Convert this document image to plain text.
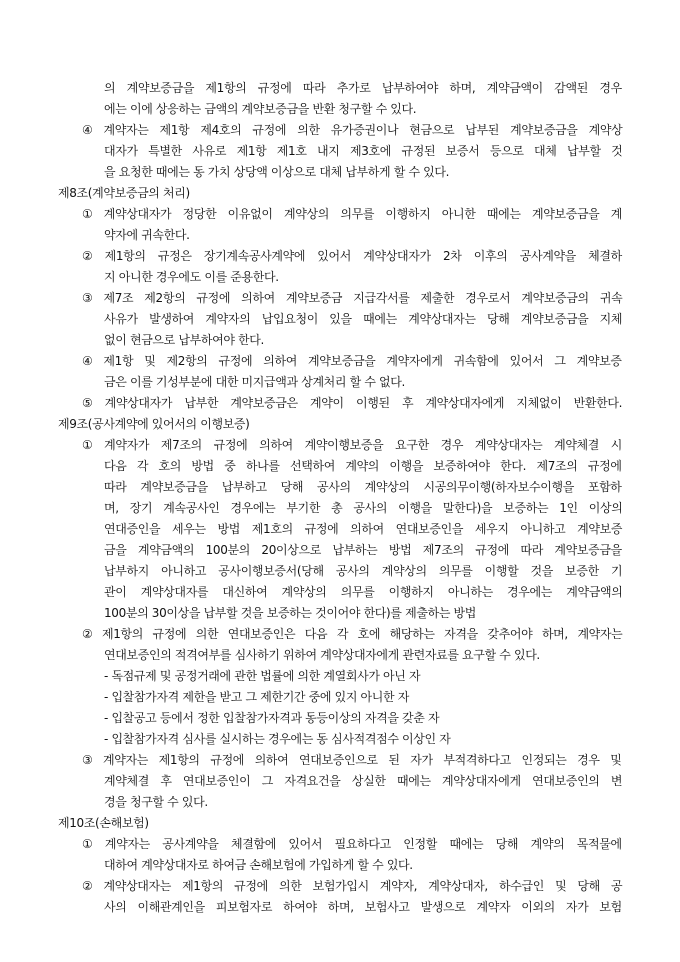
의 계약보증금을 제1항의 규정에 따라 추가로 납부하여야 하며, 계약금액이 감액된 경우
에는 이에 상응하는 금액의 계약보증금을 반환 청구할 수 있다.
④ 계약자는 제1항 제4호의 규정에 의한 유가증권이나 현금으로 납부된 계약보증금을 계약상
대자가 특별한 사유로 제1항 제1호 내지 제3호에 규정된 보증서 등으로 대체 납부할 것
을 요청한 때에는 동 가치 상당액 이상으로 대체 납부하게 할 수 있다.
제8조(계약보증금의 처리)
① 계약상대자가 정당한 이유없이 계약상의 의무를 이행하지 아니한 때에는 계약보증금을 계
약자에 귀속한다.
② 제1항의 규정은 장기계속공사계약에 있어서 계약상대자가 2차 이후의 공사계약을 체결하
지 아니한 경우에도 이를 준용한다.
③ 제7조 제2항의 규정에 의하여 계약보증금 지급각서를 제출한 경우로서 계약보증금의 귀속
사유가 발생하여 계약자의 납입요청이 있을 때에는 계약상대자는 당해 계약보증금을 지체
없이 현금으로 납부하여야 한다.
④ 제1항 및 제2항의 규정에 의하여 계약보증금을 계약자에게 귀속함에 있어서 그 계약보증
금은 이를 기성부분에 대한 미지급액과 상계처리 할 수 없다.
⑤ 계약상대자가 납부한 계약보증금은 계약이 이행된 후 계약상대자에게 지체없이 반환한다.
제9조(공사계약에 있어서의 이행보증)
① 계약자가 제7조의 규정에 의하여 계약이행보증을 요구한 경우 계약상대자는 계약체결 시
다음 각 호의 방법 중 하나를 선택하여 계약의 이행을 보증하여야 한다. 제7조의 규정에
따라 계약보증금을 납부하고 당해 공사의 계약상의 시공의무이행(하자보수이행을 포함하
며, 장기 계속공사인 경우에는 부기한 총 공사의 이행을 말한다)을 보증하는 1인 이상의
연대증인을 세우는 방법 제1호의 규정에 의하여 연대보증인을 세우지 아니하고 계약보증
금을 계약금액의 100분의 20이상으로 납부하는 방법 제7조의 규정에 따라 계약보증금을
납부하지 아니하고 공사이행보증서(당해 공사의 계약상의 의무를 이행할 것을 보증한 기
관이 계약상대자를 대신하여 계약상의 의무를 이행하지 아니하는 경우에는 계약금액의
100분의 30이상을 납부할 것을 보증하는 것이어야 한다)를 제출하는 방법
② 제1항의 규정에 의한 연대보증인은 다음 각 호에 해당하는 자격을 갖추어야 하며, 계약자는
연대보증인의 적격여부를 심사하기 위하여 계약상대자에게 관련자료를 요구할 수 있다.
- 독점규제 및 공정거래에 관한 법률에 의한 계열회사가 아닌 자
- 입찰참가자격 제한을 받고 그 제한기간 중에 있지 아니한 자
- 입찰공고 등에서 정한 입찰참가자격과 동등이상의 자격을 갖춘 자
- 입찰참가자격 심사를 실시하는 경우에는 동 심사적격점수 이상인 자
③ 계약자는 제1항의 규정에 의하여 연대보증인으로 된 자가 부적격하다고 인정되는 경우 및
계약체결 후 연대보증인이 그 자격요건을 상실한 때에는 계약상대자에게 연대보증인의 변
경을 청구할 수 있다.
제10조(손해보험)
① 계약자는 공사계약을 체결함에 있어서 필요하다고 인정할 때에는 당해 계약의 목적물에
대하여 계약상대자로 하여금 손해보험에 가입하게 할 수 있다.
② 계약상대자는 제1항의 규정에 의한 보험가입시 계약자, 계약상대자, 하수급인 및 당해 공
사의 이해관계인을 피보험자로 하여야 하며, 보험사고 발생으로 계약자 이외의 자가 보험
